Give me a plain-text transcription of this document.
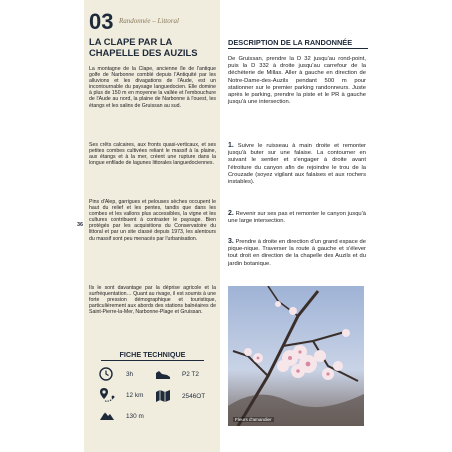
03 Randonnée – Littoral
LA CLAPE PAR LA CHAPELLE DES AUZILS

La montagne de la Clape, ancienne île de l'antique golfe de Narbonne comblé depuis l'Antiquité par les alluvions et les divagations de l'Aude, est un incontournable du paysage languedocien. Elle domine à plus de 150 m en moyenne la vallée et l'embouchure de l'Aude au nord, la plaine de Narbonne à l'ouest, les étangs et les salins de Gruissan au sud.

Ses crêts calcaires, aux fronts quasi-verticaux, et ses petites combes cultivées reliant le massif à la plaine, aux étangs et à la mer, créent une rupture dans la longue enfilade de lagunes littorales languedociennes.

Pins d'Alep, garrigues et pelouses sèches occupent le haut du relief et les pentes, tandis que dans les combes et les vallons plus accessibles, la vigne et les cultures contribuent à contraster le paysage. Bien protégés par les acquisitions du Conservatoire du littoral et par un site classé depuis 1973, les alentours du massif sont peu menacés par l'urbanisation.

Ils le sont davantage par la déprise agricole et la surfréquentation… Quant au rivage, il est soumis à une forte pression démographique et touristique, particulièrement aux abords des stations balnéaires de Saint-Pierre-la-Mer, Narbonne-Plage et Gruissan.

36
FICHE TECHNIQUE
3h	P2 T2
12 km	2546OT
130 m
DESCRIPTION DE LA RANDONNÉE

De Gruissan, prendre la D 32 jusqu'au rond-point, puis la D 332 à droite jusqu'au carrefour de la déchèterie de Millas. Aller à gauche en direction de Notre-Dame-des-Auzils pendant 500 m pour stationner sur le premier parking randonneurs. Juste après le parking, prendre la piste et le PR à gauche jusqu'à une intersection.

1. Suivre le ruisseau à main droite et remonter jusqu'à buter sur une falaise. La contourner en suivant le sentier et s'engager à droite avant l'étroiture du canyon afin de rejoindre le trou de la Crouzade (soyez vigilant aux falaises et aux rochers instables).

2. Revenir sur ses pas et remonter le canyon jusqu'à une large intersection.

3. Prendre à droite en direction d'un grand espace de pique-nique. Traverser la route à gauche et s'élever tout droit en direction de la chapelle des Auzils et du jardin botanique.

Fleurs d'amandier
